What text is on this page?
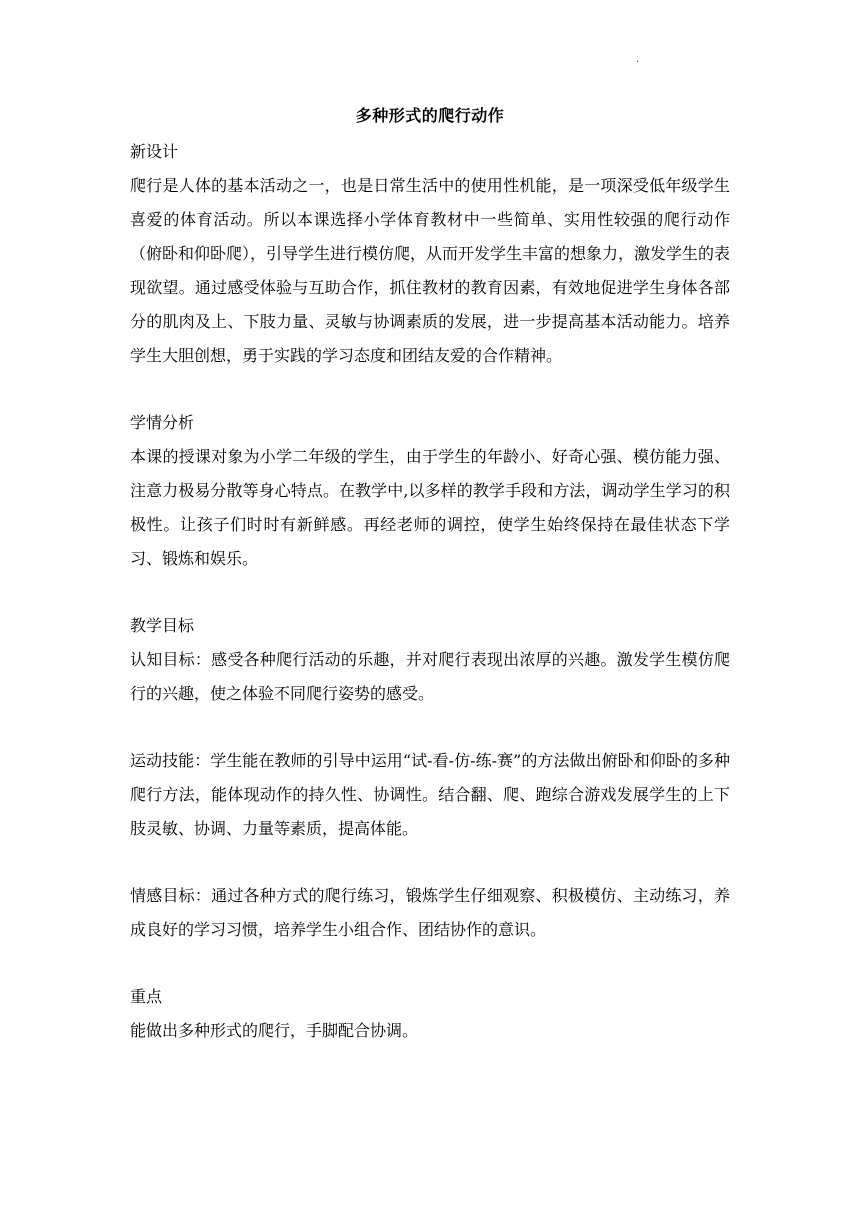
·
多种形式的爬行动作
新设计
爬行是人体的基本活动之一，也是日常生活中的使用性机能，是一项深受低年级学生喜爱的体育活动。所以本课选择小学体育教材中一些简单、实用性较强的爬行动作（俯卧和仰卧爬），引导学生进行模仿爬，从而开发学生丰富的想象力，激发学生的表现欲望。通过感受体验与互助合作，抓住教材的教育因素，有效地促进学生身体各部分的肌肉及上、下肢力量、灵敏与协调素质的发展，进一步提高基本活动能力。培养学生大胆创想，勇于实践的学习态度和团结友爱的合作精神。
学情分析
本课的授课对象为小学二年级的学生，由于学生的年龄小、好奇心强、模仿能力强、注意力极易分散等身心特点。在教学中,以多样的教学手段和方法，调动学生学习的积极性。让孩子们时时有新鲜感。再经老师的调控，使学生始终保持在最佳状态下学习、锻炼和娱乐。
教学目标
认知目标：感受各种爬行活动的乐趣，并对爬行表现出浓厚的兴趣。激发学生模仿爬行的兴趣，使之体验不同爬行姿势的感受。
运动技能：学生能在教师的引导中运用“试-看-仿-练-赛”的方法做出俯卧和仰卧的多种爬行方法，能体现动作的持久性、协调性。结合翻、爬、跑综合游戏发展学生的上下肢灵敏、协调、力量等素质，提高体能。
情感目标：通过各种方式的爬行练习，锻炼学生仔细观察、积极模仿、主动练习，养成良好的学习习惯，培养学生小组合作、团结协作的意识。
重点
能做出多种形式的爬行，手脚配合协调。
